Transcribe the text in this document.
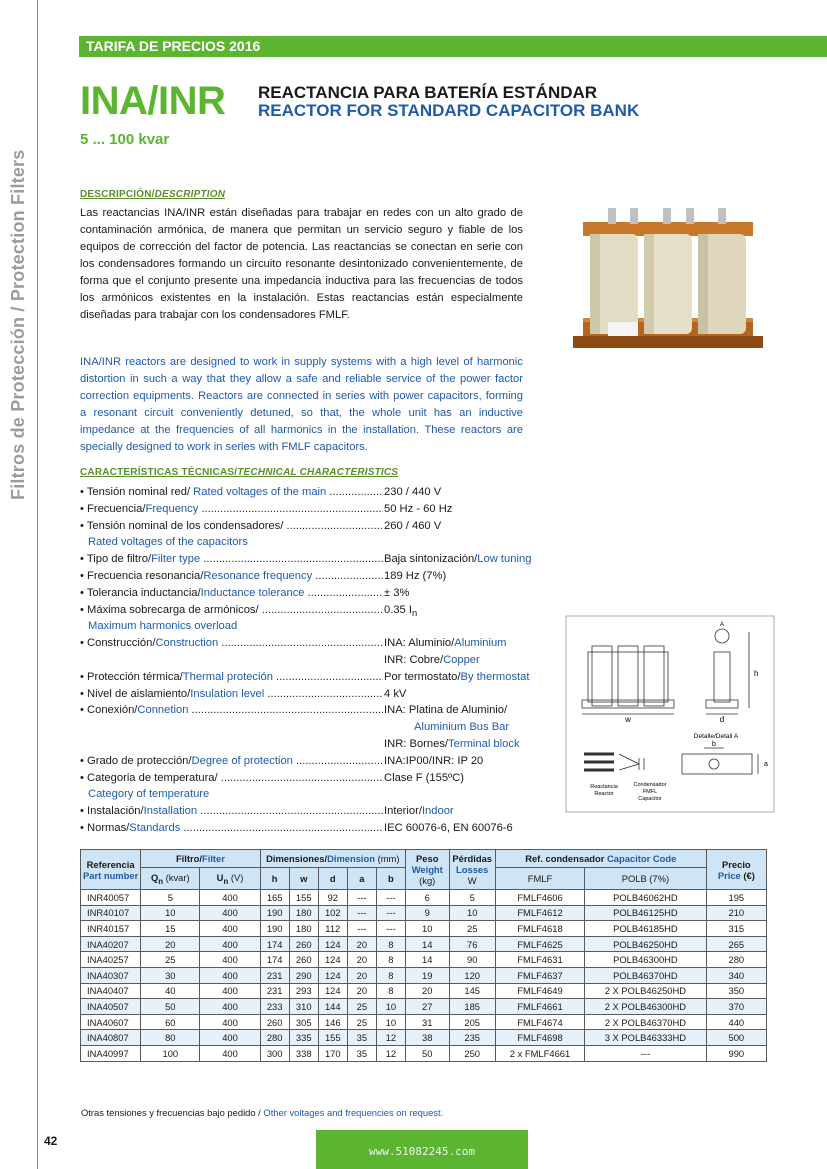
Filtros de Protección / Protection Filters
TARIFA DE PRECIOS 2016
INA/INR
5 ... 100 kvar
REACTANCIA PARA BATERÍA ESTÁNDAR
REACTOR FOR STANDARD CAPACITOR BANK
DESCRIPCIÓN/DESCRIPTION
Las reactancias INA/INR están diseñadas para trabajar en redes con un alto grado de contaminación armónica, de manera que permitan un servicio seguro y fiable de los equipos de corrección del factor de potencia. Las reactancias se conectan en serie con los condensadores formando un circuito resonante desintonizado convenientemente, de forma que el conjunto presente una impedancia inductiva para las frecuencias de todos los armónicos existentes en la instalación. Estas reactancias están especialmente diseñadas para trabajar con los condensadores FMLF.
INA/INR reactors are designed to work in supply systems with a high level of harmonic distortion in such a way that they allow a safe and reliable service of the power factor correction equipments. Reactors are connected in series with power capacitors, forming a resonant circuit conveniently detuned, so that, the whole unit has an inductive impedance at the frequencies of all harmonics in the installation. These reactors are specially designed to work in series with FMLF capacitors.
CARACTERÍSTICAS TÉCNICAS/TECHNICAL CHARACTERISTICS
• Tensión nominal red/ Rated voltages of the main .....	230 / 440 V
• Frecuencia/Frequency .....	50 Hz - 60 Hz
• Tensión nominal de los condensadores/ .....	260 / 460 V
Rated voltages of the capacitors
• Tipo de filtro/Filter type .....	Baja sintonización/Low tuning
• Frecuencia resonancia/Resonance frequency .....	189 Hz (7%)
• Tolerancia inductancia/Inductance tolerance .....	± 3%
• Máxima sobrecarga de armónicos/ .....	0.35 $I_n$
Maximum harmonics overload
• Construcción/Construction .....	INA: Aluminio/Aluminium
INR: Cobre/Copper
• Protección térmica/Thermal proteción .....	Por termostato/By thermostat
• Nivel de aislamiento/Insulation level .....	4 kV
• Conexión/Connetion .....	INA: Platina de Aluminio/
Aluminium Bus Bar
INR: Bornes/Terminal block
• Grado de protección/Degree of protection .....	INA:IP00/INR: IP 20
• Categoria de temperatura/ .....	Clase F (155ºC)
Category of temperature
• Instalación/Installation .....	Interior/Indoor
• Normas/Standards .....	IEC 60076-6, EN 60076-6
A
h
w	d
Detalle/Detail A
b
a
Reactancia Reactor
Condensador FMFL Capacitor
Referencia
Part number	Filtro/Filter		Dimensiones/Dimension (mm)					Peso
Weight
(kg)	Pérdidas
Losses
W	Ref. condensador Capacitor Code		Precio
Price (€)
	$Q_n$ (kvar)	$U_n$ (V)	h	w	d	a	b			FMLF	POLB (7%)	

INR40057	5	400	165	155	92	---	---	6	5	FMLF4606	POLB46062HD	195
INR40107	10	400	190	180	102	---	---	9	10	FMLF4612	POLB46125HD	210
INR40157	15	400	190	180	112	---	---	10	25	FMLF4618	POLB46185HD	315
INA40207	20	400	174	260	124	20	8	14	76	FMLF4625	POLB46250HD	265
INA40257	25	400	174	260	124	20	8	14	90	FMLF4631	POLB46300HD	280
INA40307	30	400	231	290	124	20	8	19	120	FMLF4637	POLB46370HD	340
INA40407	40	400	231	293	124	20	8	20	145	FMLF4649	2 X POLB46250HD	350
INA40507	50	400	233	310	144	25	10	27	185	FMLF4661	2 X POLB46300HD	370
INA40607	60	400	260	305	146	25	10	31	205	FMLF4674	2 X POLB46370HD	440
INA40807	80	400	280	335	155	35	12	38	235	FMLF4698	3 X POLB46333HD	500
INA40997	100	400	300	338	170	35	12	50	250	2 x FMLF4661	---	990
Otras tensiones y frecuencias bajo pedido / Other voltages and frequencies on request.
42
www.51082245.com
